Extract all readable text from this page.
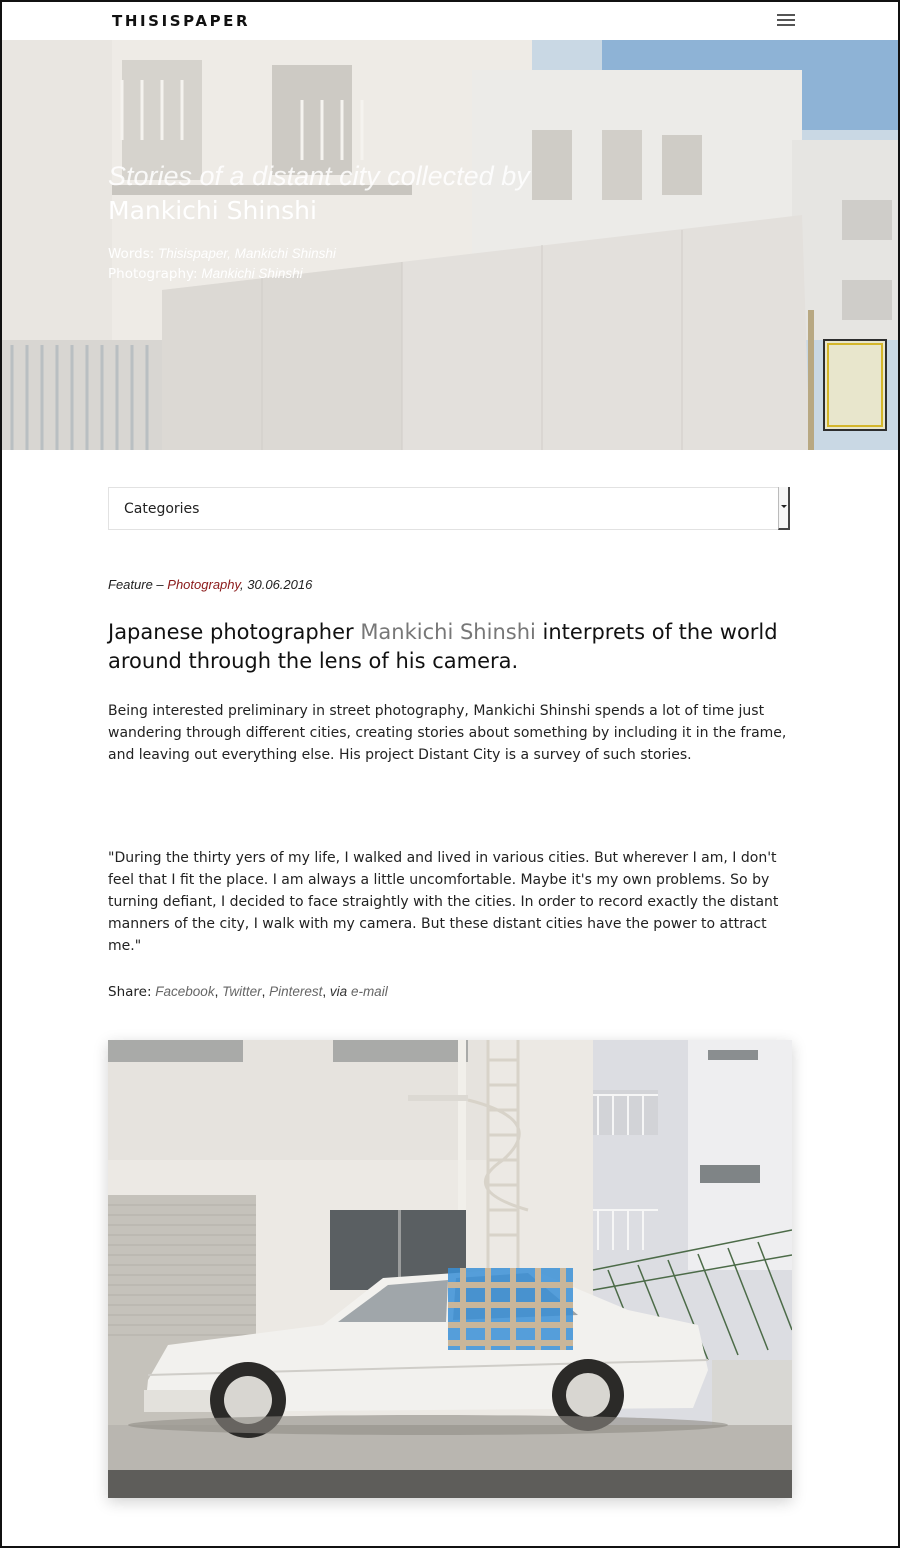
THISISPAPER

Stories of a distant city collected by

Mankichi Shinshi

Words: Thisispaper, Mankichi Shinshi
Photography: Mankichi Shinshi
Categories
Feature – Photography, 30.06.2016
Japanese photographer Mankichi Shinshi interprets of the world around through the lens of his camera.

Being interested preliminary in street photography, Mankichi Shinshi spends a lot of time just wandering through different cities, creating stories about something by including it in the frame, and leaving out everything else. His project Distant City is a survey of such stories.

"During the thirty yers of my life, I walked and lived in various cities. But wherever I am, I don't feel that I fit the place. I am always a little uncomfortable. Maybe it's my own problems. So by turning defiant, I decided to face straightly with the cities. In order to record exactly the distant manners of the city, I walk with my camera. But these distant cities have the power to attract me."

Share: Facebook, Twitter, Pinterest, via e-mail
